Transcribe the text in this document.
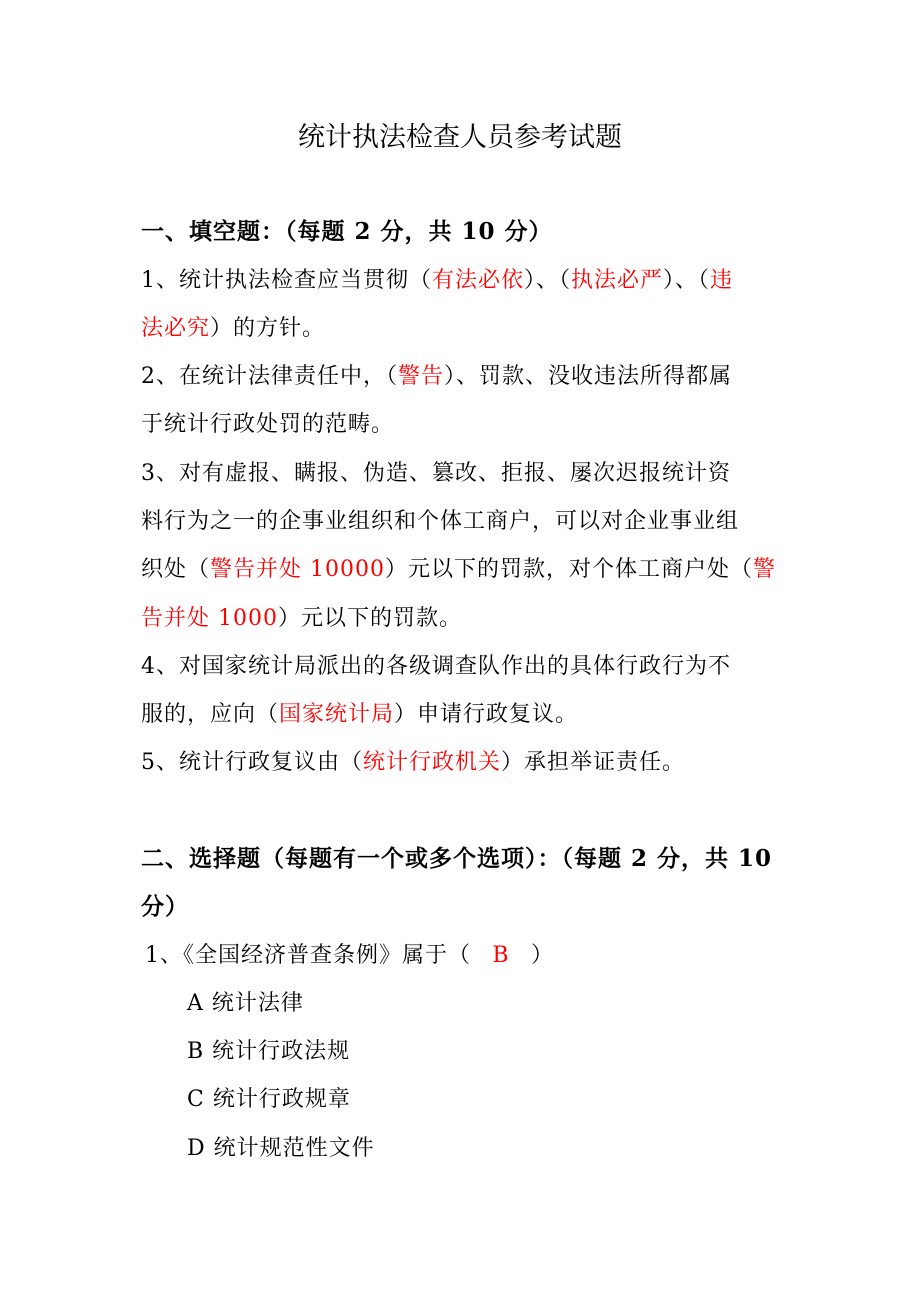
统计执法检查人员参考试题
一、填空题：（每题 2 分，共 10 分）
1、统计执法检查应当贯彻（有法必依）、（执法必严）、（违
法必究）的方针。
2、在统计法律责任中，（警告）、罚款、没收违法所得都属
于统计行政处罚的范畴。
3、对有虚报、瞒报、伪造、篡改、拒报、屡次迟报统计资
料行为之一的企事业组织和个体工商户，可以对企业事业组
织处（警告并处 10000）元以下的罚款，对个体工商户处（警
告并处 1000）元以下的罚款。
4、对国家统计局派出的各级调查队作出的具体行政行为不
服的，应向（国家统计局）申请行政复议。
5、统计行政复议由（统计行政机关）承担举证责任。
二、选择题（每题有一个或多个选项）：（每题 2 分，共 10
分）
1、《全国经济普查条例》属于（ B ）
A 统计法律
B 统计行政法规
C 统计行政规章
D 统计规范性文件
